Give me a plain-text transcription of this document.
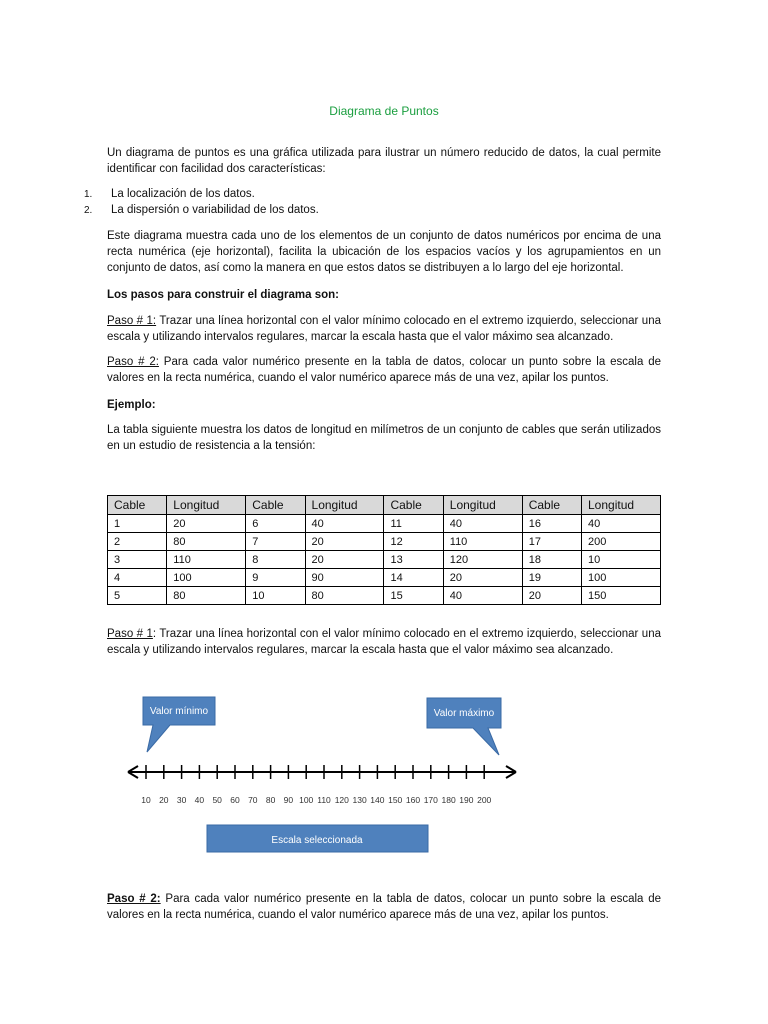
Diagrama de Puntos
Un diagrama de puntos es una gráfica utilizada para ilustrar un número reducido de datos, la cual permite identificar con facilidad dos características:
1. La localización de los datos.
2. La dispersión o variabilidad de los datos.
Este diagrama muestra cada uno de los elementos de un conjunto de datos numéricos por encima de una recta numérica (eje horizontal), facilita la ubicación de los espacios vacíos y los agrupamientos en un conjunto de datos, así como la manera en que estos datos se distribuyen a lo largo del eje horizontal.
Los pasos para construir el diagrama son:
Paso # 1: Trazar una línea horizontal con el valor mínimo colocado en el extremo izquierdo, seleccionar una escala y utilizando intervalos regulares, marcar la escala hasta que el valor máximo sea alcanzado.
Paso # 2: Para cada valor numérico presente en la tabla de datos, colocar un punto sobre la escala de valores en la recta numérica, cuando el valor numérico aparece más de una vez, apilar los puntos.
Ejemplo:
La tabla siguiente muestra los datos de longitud en milímetros de un conjunto de cables que serán utilizados en un estudio de resistencia a la tensión:
Cable	Longitud	Cable	Longitud	Cable	Longitud	Cable	Longitud
1	20	6	40	11	40	16	40
2	80	7	20	12	110	17	200
3	110	8	20	13	120	18	10
4	100	9	90	14	20	19	100
5	80	10	80	15	40	20	150
Paso # 1: Trazar una línea horizontal con el valor mínimo colocado en el extremo izquierdo, seleccionar una escala y utilizando intervalos regulares, marcar la escala hasta que el valor máximo sea alcanzado.
Valor mínimo	Valor máximo
10 20 30 40 50 60 70 80 90 100 110 120 130 140 150 160 170 180 190 200
Escala seleccionada
Paso # 2: Para cada valor numérico presente en la tabla de datos, colocar un punto sobre la escala de valores en la recta numérica, cuando el valor numérico aparece más de una vez, apilar los puntos.
